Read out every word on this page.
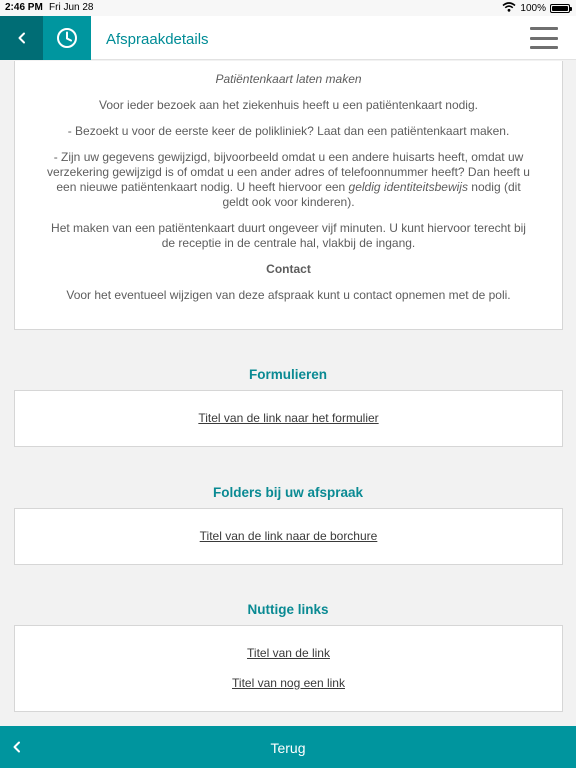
2:46 PM Fri Jun 28	100%
Afspraakdetails

Patiëntenkaart laten maken

Voor ieder bezoek aan het ziekenhuis heeft u een patiëntenkaart nodig.

- Bezoekt u voor de eerste keer de polikliniek? Laat dan een patiëntenkaart maken.

- Zijn uw gegevens gewijzigd, bijvoorbeeld omdat u een andere huisarts heeft, omdat uw verzekering gewijzigd is of omdat u een ander adres of telefoonnummer heeft? Dan heeft u een nieuwe patiëntenkaart nodig. U heeft hiervoor een geldig identiteitsbewijs nodig (dit geldt ook voor kinderen).

Het maken van een patiëntenkaart duurt ongeveer vijf minuten. U kunt hiervoor terecht bij de receptie in de centrale hal, vlakbij de ingang.

Contact

Voor het eventueel wijzigen van deze afspraak kunt u contact opnemen met de poli.

Formulieren
Titel van de link naar het formulier
Folders bij uw afspraak
Titel van de link naar de borchure
Nuttige links
Titel van de link
Titel van nog een link
Terug
